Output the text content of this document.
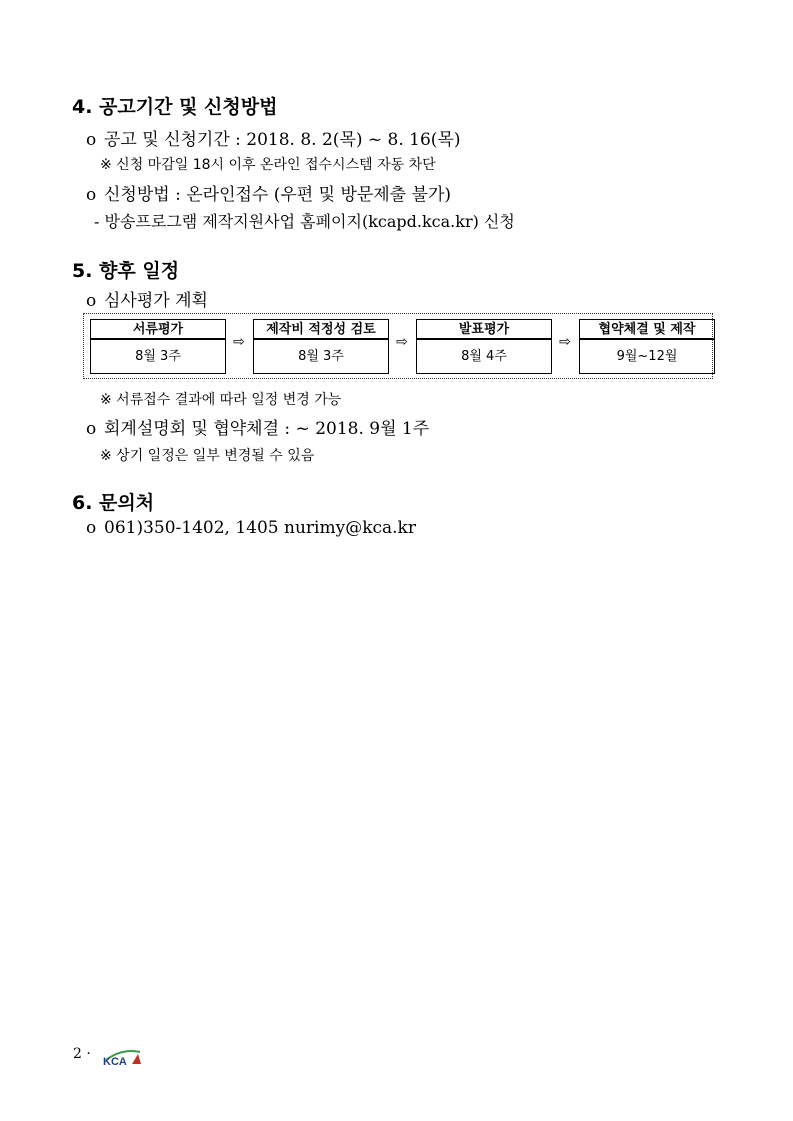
4. 공고기간 및 신청방법
o 공고 및 신청기간 : 2018. 8. 2(목) ~ 8. 16(목)
※ 신청 마감일 18시 이후 온라인 접수시스템 자동 차단
o 신청방법 : 온라인접수 (우편 및 방문제출 불가)
- 방송프로그램 제작지원사업 홈페이지(kcapd.kca.kr) 신청
5. 향후 일정
o 심사평가 계획
서류평가
8월 3주
⇨
제작비 적정성 검토
8월 3주
⇨
발표평가
8월 4주
⇨
협약체결 및 제작
9월~12월
※ 서류접수 결과에 따라 일정 변경 가능
o 회계설명회 및 협약체결 : ~ 2018. 9월 1주
※ 상기 일정은 일부 변경될 수 있음
6. 문의처
o 061)350-1402, 1405 nurimy@kca.kr
2 · KCA
